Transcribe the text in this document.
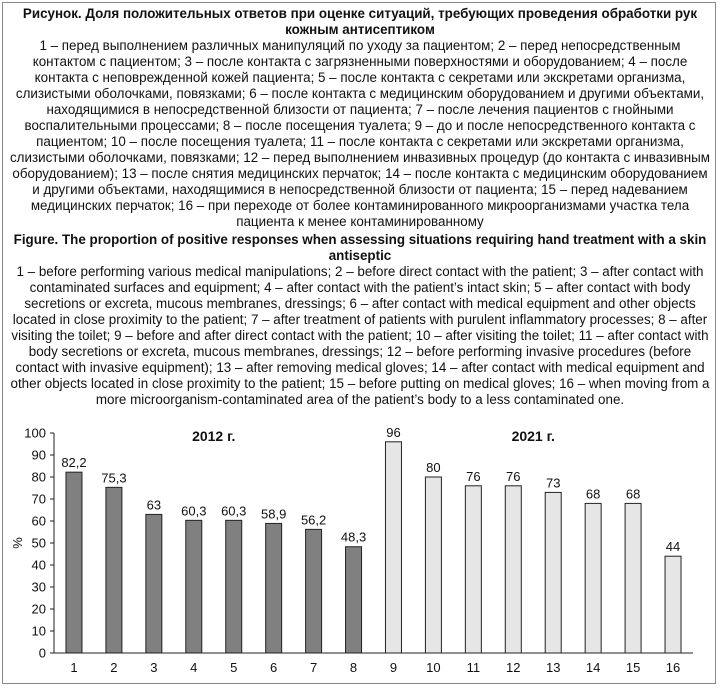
Рисунок. Доля положительных ответов при оценке ситуаций, требующих проведения обработки рук кожным антисептиком
1 – перед выполнением различных манипуляций по уходу за пациентом; 2 – перед непосредственным контактом с пациентом; 3 – после контакта с загрязненными поверхностями и оборудованием; 4 – после контакта с неповрежденной кожей пациента; 5 – после контакта с секретами или экскретами организма, слизистыми оболочками, повязками; 6 – после контакта с медицинским оборудованием и другими объектами, находящимися в непосредственной близости от пациента; 7 – после лечения пациентов с гнойными воспалительными процессами; 8 – после посещения туалета; 9 – до и после непосредственного контакта с пациентом; 10 – после посещения туалета; 11 – после контакта с секретами или экскретами организма, слизистыми оболочками, повязками; 12 – перед выполнением инвазивных процедур (до контакта с инвазивным оборудованием); 13 – после снятия медицинских перчаток; 14 – после контакта с медицинским оборудованием и другими объектами, находящимися в непосредственной близости от пациента; 15 – перед надеванием медицинских перчаток; 16 – при переходе от более контаминированного микроорганизмами участка тела пациента к менее контаминированному
Figure. The proportion of positive responses when assessing situations requiring hand treatment with a skin antiseptic
1 – before performing various medical manipulations; 2 – before direct contact with the patient; 3 – after contact with contaminated surfaces and equipment; 4 – after contact with the patient’s intact skin; 5 – after contact with body secretions or excreta, mucous membranes, dressings; 6 – after contact with medical equipment and other objects located in close proximity to the patient; 7 – after treatment of patients with purulent inflammatory processes; 8 – after visiting the toilet; 9 – before and after direct contact with the patient; 10 – after visiting the toilet; 11 – after contact with body secretions or excreta, mucous membranes, dressings; 12 – before performing invasive procedures (before contact with invasive equipment); 13 – after removing medical gloves; 14 – after contact with medical equipment and other objects located in close proximity to the patient; 15 – before putting on medical gloves; 16 – when moving from a more microorganism-contaminated area of the patient’s body to a less contaminated one.
0
10
20
30
40
50
60
70
80
90
100
%
82,2
1
75,3
2
63
3
60,3
4
60,3
5
58,9
6
56,2
7
48,3
8
96
9
80
10
76
11
76
12
73
13
68
14
68
15
44
16
2012 г.	2021 г.
